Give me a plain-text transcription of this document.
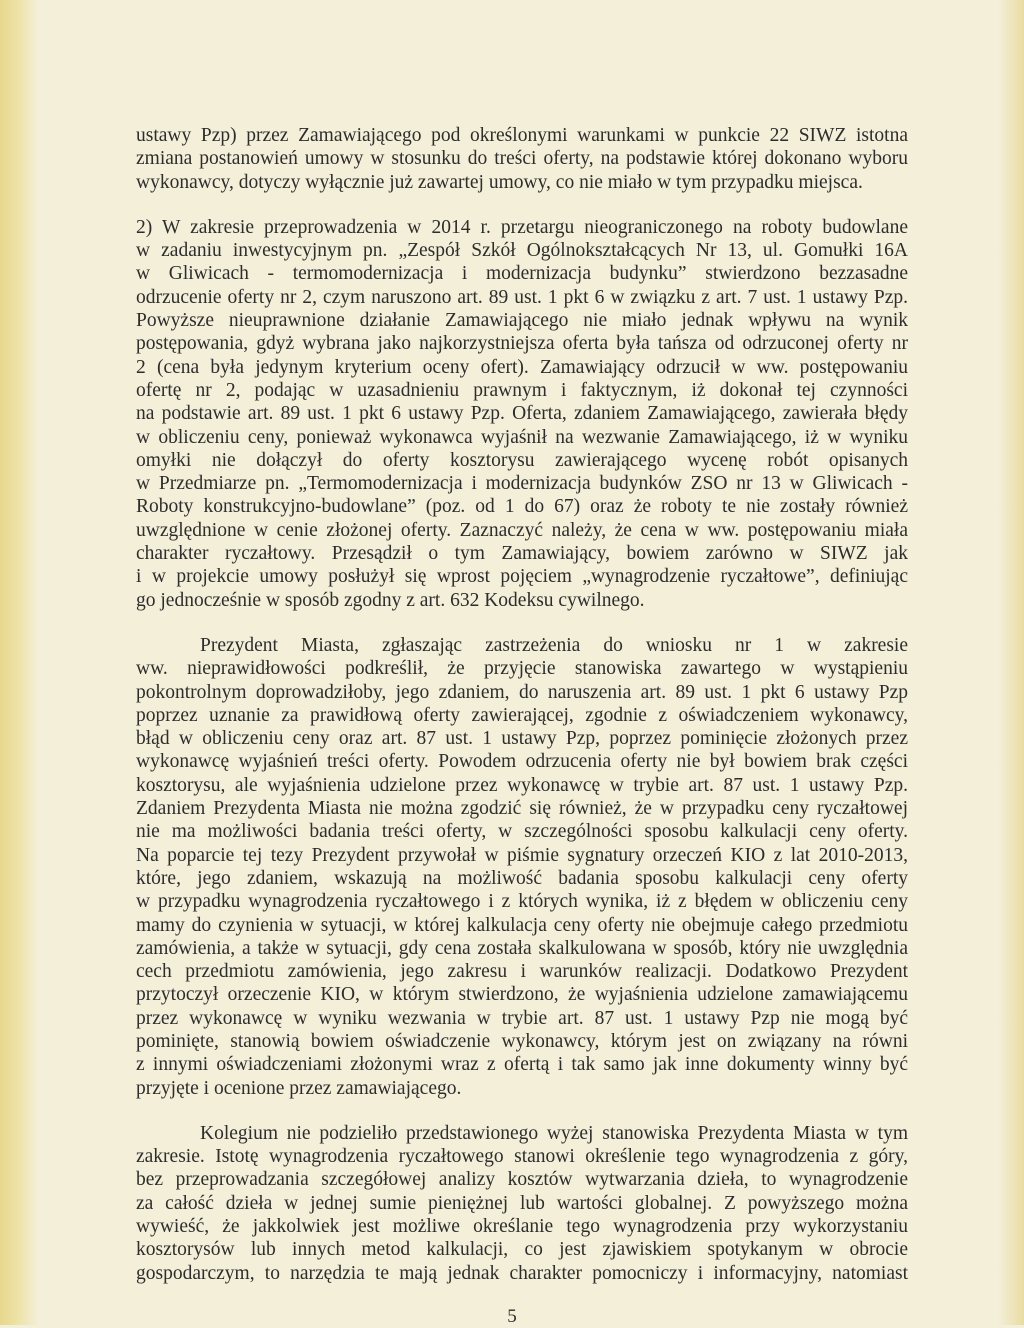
ustawy Pzp) przez Zamawiającego pod określonymi warunkami w punkcie 22 SIWZ istotna
zmiana postanowień umowy w stosunku do treści oferty, na podstawie której dokonano wyboru
wykonawcy, dotyczy wyłącznie już zawartej umowy, co nie miało w tym przypadku miejsca.

2) W zakresie przeprowadzenia w 2014 r. przetargu nieograniczonego na roboty budowlane
w zadaniu inwestycyjnym pn. „Zespół Szkół Ogólnokształcących Nr 13, ul. Gomułki 16A
w Gliwicach - termomodernizacja i modernizacja budynku” stwierdzono bezzasadne
odrzucenie oferty nr 2, czym naruszono art. 89 ust. 1 pkt 6 w związku z art. 7 ust. 1 ustawy Pzp.
Powyższe nieuprawnione działanie Zamawiającego nie miało jednak wpływu na wynik
postępowania, gdyż wybrana jako najkorzystniejsza oferta była tańsza od odrzuconej oferty nr
2 (cena była jedynym kryterium oceny ofert). Zamawiający odrzucił w ww. postępowaniu
ofertę nr 2, podając w uzasadnieniu prawnym i faktycznym, iż dokonał tej czynności
na podstawie art. 89 ust. 1 pkt 6 ustawy Pzp. Oferta, zdaniem Zamawiającego, zawierała błędy
w obliczeniu ceny, ponieważ wykonawca wyjaśnił na wezwanie Zamawiającego, iż w wyniku
omyłki nie dołączył do oferty kosztorysu zawierającego wycenę robót opisanych
w Przedmiarze pn. „Termomodernizacja i modernizacja budynków ZSO nr 13 w Gliwicach -
Roboty konstrukcyjno-budowlane” (poz. od 1 do 67) oraz że roboty te nie zostały również
uwzględnione w cenie złożonej oferty. Zaznaczyć należy, że cena w ww. postępowaniu miała
charakter ryczałtowy. Przesądził o tym Zamawiający, bowiem zarówno w SIWZ jak
i w projekcie umowy posłużył się wprost pojęciem „wynagrodzenie ryczałtowe”, definiując
go jednocześnie w sposób zgodny z art. 632 Kodeksu cywilnego.

Prezydent Miasta, zgłaszając zastrzeżenia do wniosku nr 1 w zakresie
ww. nieprawidłowości podkreślił, że przyjęcie stanowiska zawartego w wystąpieniu
pokontrolnym doprowadziłoby, jego zdaniem, do naruszenia art. 89 ust. 1 pkt 6 ustawy Pzp
poprzez uznanie za prawidłową oferty zawierającej, zgodnie z oświadczeniem wykonawcy,
błąd w obliczeniu ceny oraz art. 87 ust. 1 ustawy Pzp, poprzez pominięcie złożonych przez
wykonawcę wyjaśnień treści oferty. Powodem odrzucenia oferty nie był bowiem brak części
kosztorysu, ale wyjaśnienia udzielone przez wykonawcę w trybie art. 87 ust. 1 ustawy Pzp.
Zdaniem Prezydenta Miasta nie można zgodzić się również, że w przypadku ceny ryczałtowej
nie ma możliwości badania treści oferty, w szczególności sposobu kalkulacji ceny oferty.
Na poparcie tej tezy Prezydent przywołał w piśmie sygnatury orzeczeń KIO z lat 2010-2013,
które, jego zdaniem, wskazują na możliwość badania sposobu kalkulacji ceny oferty
w przypadku wynagrodzenia ryczałtowego i z których wynika, iż z błędem w obliczeniu ceny
mamy do czynienia w sytuacji, w której kalkulacja ceny oferty nie obejmuje całego przedmiotu
zamówienia, a także w sytuacji, gdy cena została skalkulowana w sposób, który nie uwzględnia
cech przedmiotu zamówienia, jego zakresu i warunków realizacji. Dodatkowo Prezydent
przytoczył orzeczenie KIO, w którym stwierdzono, że wyjaśnienia udzielone zamawiającemu
przez wykonawcę w wyniku wezwania w trybie art. 87 ust. 1 ustawy Pzp nie mogą być
pominięte, stanowią bowiem oświadczenie wykonawcy, którym jest on związany na równi
z innymi oświadczeniami złożonymi wraz z ofertą i tak samo jak inne dokumenty winny być
przyjęte i ocenione przez zamawiającego.

Kolegium nie podzieliło przedstawionego wyżej stanowiska Prezydenta Miasta w tym
zakresie. Istotę wynagrodzenia ryczałtowego stanowi określenie tego wynagrodzenia z góry,
bez przeprowadzania szczegółowej analizy kosztów wytwarzania dzieła, to wynagrodzenie
za całość dzieła w jednej sumie pieniężnej lub wartości globalnej. Z powyższego można
wywieść, że jakkolwiek jest możliwe określanie tego wynagrodzenia przy wykorzystaniu
kosztorysów lub innych metod kalkulacji, co jest zjawiskiem spotykanym w obrocie
gospodarczym, to narzędzia te mają jednak charakter pomocniczy i informacyjny, natomiast

5
